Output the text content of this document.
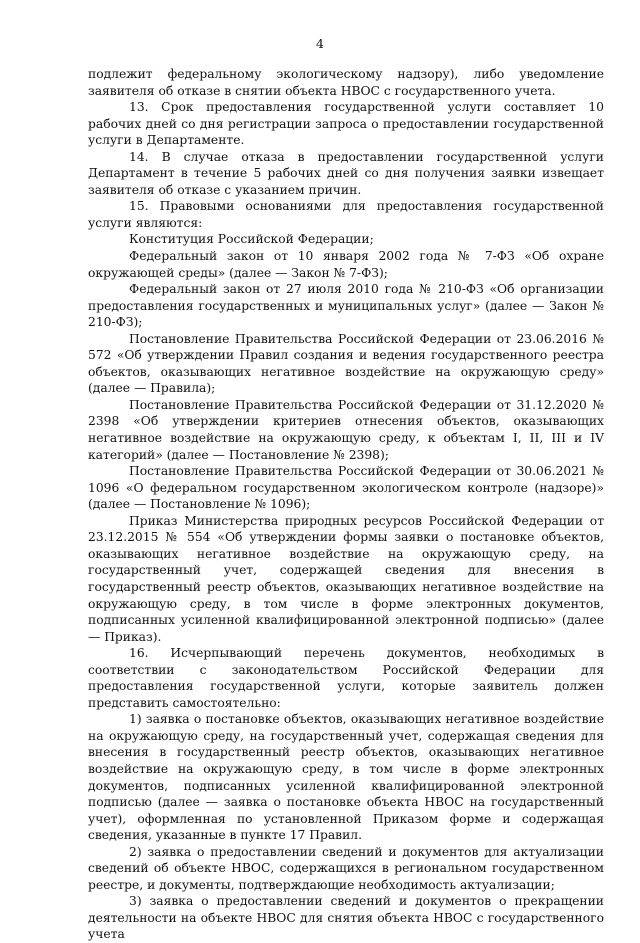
4

подлежит федеральному экологическому надзору), либо уведомление заявителя об отказе в снятии объекта НВОС с государственного учета.

13. Срок предоставления государственной услуги составляет 10 рабочих дней со дня регистрации запроса о предоставлении государственной услуги в Департаменте.

14. В случае отказа в предоставлении государственной услуги Департамент в течение 5 рабочих дней со дня получения заявки извещает заявителя об отказе с указанием причин.

15. Правовыми основаниями для предоставления государственной услуги являются:

Конституция Российской Федерации;

Федеральный закон от 10 января 2002 года № 7-ФЗ «Об охране окружающей среды» (далее — Закон № 7-ФЗ);

Федеральный закон от 27 июля 2010 года № 210-ФЗ «Об организации предоставления государственных и муниципальных услуг» (далее — Закон № 210-ФЗ);

Постановление Правительства Российской Федерации от 23.06.2016 № 572 «Об утверждении Правил создания и ведения государственного реестра объектов, оказывающих негативное воздействие на окружающую среду» (далее — Правила);

Постановление Правительства Российской Федерации от 31.12.2020 № 2398 «Об утверждении критериев отнесения объектов, оказывающих негативное воздействие на окружающую среду, к объектам I, II, III и IV категорий» (далее — Постановление № 2398);

Постановление Правительства Российской Федерации от 30.06.2021 № 1096 «О федеральном государственном экологическом контроле (надзоре)» (далее — Постановление № 1096);

Приказ Министерства природных ресурсов Российской Федерации от 23.12.2015 № 554 «Об утверждении формы заявки о постановке объектов, оказывающих негативное воздействие на окружающую среду, на государственный учет, содержащей сведения для внесения в государственный реестр объектов, оказывающих негативное воздействие на окружающую среду, в том числе в форме электронных документов, подписанных усиленной квалифицированной электронной подписью» (далее — Приказ).

16. Исчерпывающий перечень документов, необходимых в соответствии с законодательством Российской Федерации для предоставления государственной услуги, которые заявитель должен представить самостоятельно:

1) заявка о постановке объектов, оказывающих негативное воздействие на окружающую среду, на государственный учет, содержащая сведения для внесения в государственный реестр объектов, оказывающих негативное воздействие на окружающую среду, в том числе в форме электронных документов, подписанных усиленной квалифицированной электронной подписью (далее — заявка о постановке объекта НВОС на государственный учет), оформленная по установленной Приказом форме и содержащая сведения, указанные в пункте 17 Правил.

2) заявка о предоставлении сведений и документов для актуализации сведений об объекте НВОС, содержащихся в региональном государственном реестре, и документы, подтверждающие необходимость актуализации;

3) заявка о предоставлении сведений и документов о прекращении деятельности на объекте НВОС для снятия объекта НВОС с государственного учета
